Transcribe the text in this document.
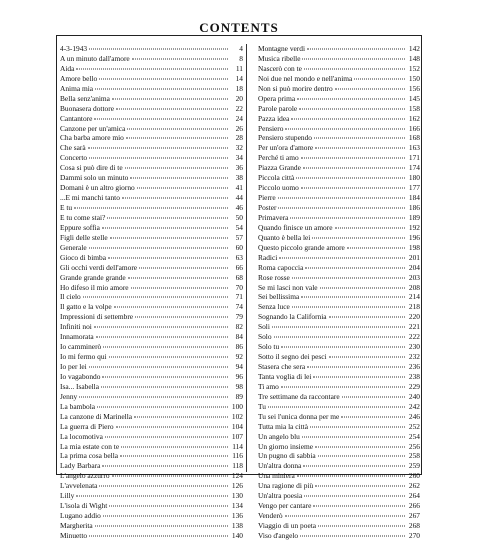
CONTENTS
4-3-1943	4
A un minuto dall'amore	8
Aida	11
Amore bello	14
Anima mia	18
Bella senz'anima	20
Buonasera dottore	22
Cantantore	24
Canzone per un'amica	26
Cha barba amore mio	28
Che sarà	32
Concerto	34
Cosa si può dire di te	36
Dammi solo un minuto	38
Domani è un altro giorno	41
...E mi manchi tanto	44
E tu	46
E tu come stai?	50
Eppure soffia	54
Figli delle stelle	57
Generale	60
Gioco di bimba	63
Gli occhi verdi dell'amore	66
Grande grande grande	68
Ho difeso il mio amore	70
Il cielo	71
Il gatto e la volpe	74
Impressioni di settembre	79
Infiniti noi	82
Innamorata	84
Io camminerò	86
Io mi fermo qui	92
Io per lei	94
Io vagabondo	96
Isa... Isabella	98
Jenny	89
La bambola	100
La canzone di Marinella	102
La guerra di Piero	104
La locomotiva	107
La mia estate con te	114
La prima cosa bella	116
Lady Barbara	118
L'angelo azzurro	124
L'avvelenata	126
Lilly	130
L'isola di Wight	134
Lugano addio	136
Margherita	138
Minuetto	140
Montagne verdi	142
Musica ribelle	148
Nascerò con te	152
Noi due nel mondo e nell'anima	150
Non si può morire dentro	156
Opera prima	145
Parole parole	158
Pazza idea	162
Pensiero	166
Pensiero stupendo	168
Per un'ora d'amore	163
Perché ti amo	171
Piazza Grande	174
Piccola città	180
Piccolo uomo	177
Pierre	184
Poster	186
Primavera	189
Quando finisce un amore	192
Quanto è bella lei	196
Questo piccolo grande amore	198
Radici	201
Roma capoccia	204
Rose rosse	203
Se mi lasci non vale	208
Sei bellissima	214
Senza luce	218
Sognando la California	220
Soli	221
Solo	222
Solo tu	230
Sotto il segno dei pesci	232
Stasera che sera	236
Tanta voglia di lei	238
Ti amo	229
Tre settimane da raccontare	240
Tu	242
Tu sei l'unica donna per me	246
Tutta mia la città	252
Un angelo blu	254
Un giorno insieme	256
Un pugno di sabbia	258
Un'altra donna	259
Una miniera	260
Una ragione di più	262
Un'altra poesia	264
Vengo per cantare	266
Venderò	267
Viaggio di un poeta	268
Viso d'angelo	270
